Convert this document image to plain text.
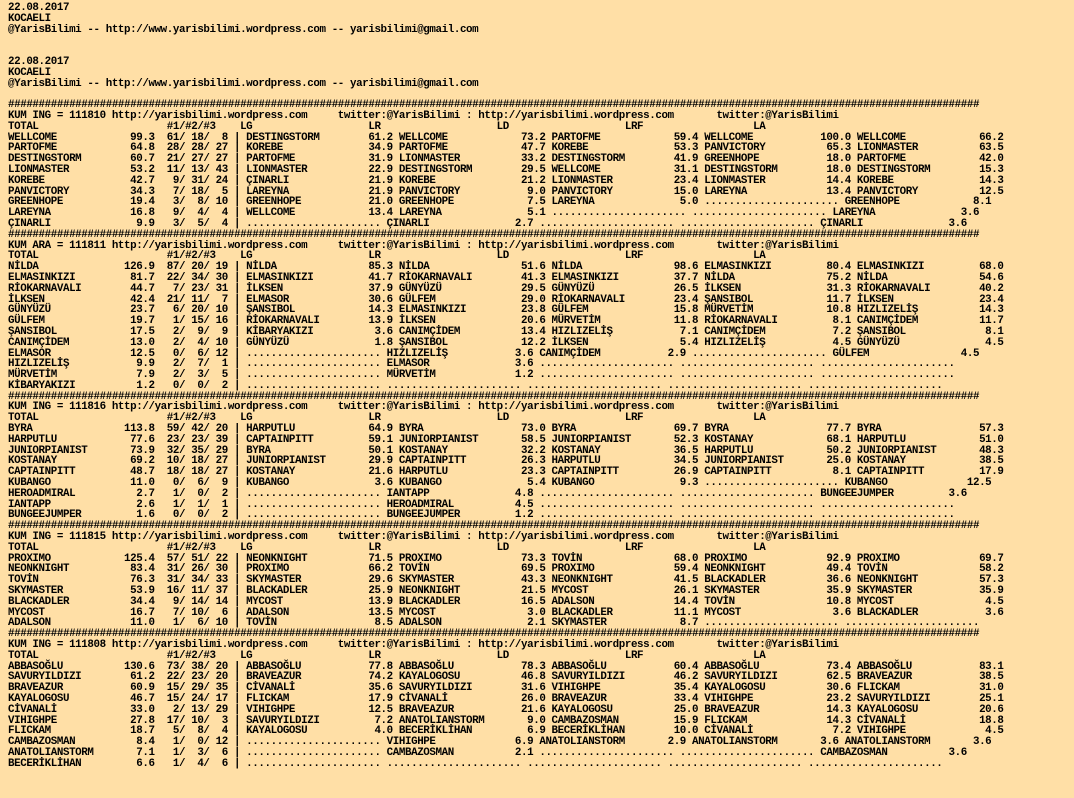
22.08.2017
KOCAELI
@YarisBilimi -- http://www.yarisbilimi.wordpress.com -- yarisbilimi@gmail.com
22.08.2017
KOCAELI
@YarisBilimi -- http://www.yarisbilimi.wordpress.com -- yarisbilimi@gmail.com
###############################################################################################################################################################
KUM ING = 111810 http://yarisbilimi.wordpress.com     twitter:@YarisBilimi : http://yarisbilimi.wordpress.com       twitter:@YarisBilimi
TOTAL                     #1/#2/#3    LG                   LR                   LD                   LRF                  LA
WELLCOME            99.3  61/ 18/  8 | DESTINGSTORM        61.2 WELLCOME            73.2 PARTOFME            59.4 WELLCOME           100.0 WELLCOME            66.2
PARTOFME            64.8  28/ 28/ 27 | KOREBE              34.9 PARTOFME            47.7 KOREBE              53.3 PANVICTORY          65.3 LIONMASTER          63.5
DESTINGSTORM        60.7  21/ 27/ 27 | PARTOFME            31.9 LIONMASTER          33.2 DESTINGSTORM        41.9 GREENHOPE           18.0 PARTOFME            42.0
LIONMASTER          53.2  11/ 13/ 43 | LIONMASTER          22.9 DESTINGSTORM        29.5 WELLCOME            31.1 DESTINGSTORM        18.0 DESTINGSTORM        15.3
KOREBE              42.7   9/ 31/ 24 | ÇINARLI             21.9 KOREBE              21.2 LIONMASTER          23.4 LIONMASTER          14.4 KOREBE              14.3
PANVICTORY          34.3   7/ 18/  5 | LAREYNA             21.9 PANVICTORY           9.0 PANVICTORY          15.0 LAREYNA             13.4 PANVICTORY          12.5
GREENHOPE           19.4   3/  8/ 10 | GREENHOPE           21.0 GREENHOPE            7.5 LAREYNA              5.0 ...................... GREENHOPE            8.1
LAREYNA             16.8   9/  4/  4 | WELLCOME            13.4 LAREYNA              5.1 ...................... ...................... LAREYNA              3.6
ÇINARLI              9.9   3/  5/  4 | ...................... ÇINARLI              2.7 ...................... ...................... ÇINARLI              3.6
###############################################################################################################################################################
KUM ARA = 111811 http://yarisbilimi.wordpress.com     twitter:@YarisBilimi : http://yarisbilimi.wordpress.com       twitter:@YarisBilimi
TOTAL                     #1/#2/#3    LG                   LR                   LD                   LRF                  LA
NİLDA              126.9  87/ 20/ 19 | NİLDA               85.3 NİLDA               51.6 NİLDA               98.6 ELMASINKIZI         80.4 ELMASINKIZI         68.0
ELMASINKIZI         81.7  22/ 34/ 30 | ELMASINKIZI         41.7 RİOKARNAVALI        41.3 ELMASINKIZI         37.7 NİLDA               75.2 NİLDA               54.6
RİOKARNAVALI        44.7   7/ 23/ 31 | İLKSEN              37.9 GÜNYÜZÜ             29.5 GÜNYÜZÜ             26.5 İLKSEN              31.3 RİOKARNAVALI        40.2
İLKSEN              42.4  21/ 11/  7 | ELMASOR             30.6 GÜLFEM              29.0 RİOKARNAVALI        23.4 ŞANSIBOL            11.7 İLKSEN              23.4
GÜNYÜZÜ             23.7   6/ 20/ 10 | ŞANSIBOL            14.3 ELMASINKIZI         23.8 GÜLFEM              15.8 MÜRVETİM            10.8 HIZLIZELİŞ          14.3
GÜLFEM              19.7   1/ 15/ 16 | RİOKARNAVALI        13.9 İLKSEN              20.6 MÜRVETİM            11.8 RİOKARNAVALI         8.1 CANIMÇİDEM          11.7
ŞANSIBOL            17.5   2/  9/  9 | KİBARYAKIZI          3.6 CANIMÇİDEM          13.4 HIZLIZELİŞ           7.1 CANIMÇİDEM           7.2 ŞANSIBOL             8.1
CANIMÇİDEM          13.0   2/  4/ 10 | GÜNYÜZÜ              1.8 ŞANSIBOL            12.2 İLKSEN               5.4 HIZLIZELİŞ           4.5 GÜNYÜZÜ              4.5
ELMASOR             12.5   0/  6/ 12 | ...................... HIZLIZELİŞ           3.6 CANIMÇİDEM           2.9 ...................... GÜLFEM               4.5
HIZLIZELİŞ           9.9   2/  7/  1 | ...................... ELMASOR              3.6 ...................... ...................... ......................
MÜRVETİM             7.9   2/  3/  5 | ...................... MÜRVETİM             1.2 ...................... ...................... ......................
KİBARYAKIZI          1.2   0/  0/  2 | ...................... ...................... ...................... ...................... ......................
###############################################################################################################################################################
KUM ING = 111816 http://yarisbilimi.wordpress.com     twitter:@YarisBilimi : http://yarisbilimi.wordpress.com       twitter:@YarisBilimi
TOTAL                     #1/#2/#3    LG                   LR                   LD                   LRF                  LA
BYRA               113.8  59/ 42/ 20 | HARPUTLU            64.9 BYRA                73.0 BYRA                69.7 BYRA                77.7 BYRA                57.3
HARPUTLU            77.6  23/ 23/ 39 | CAPTAINPITT         59.1 JUNIORPIANIST       58.5 JUNIORPIANIST       52.3 KOSTANAY            68.1 HARPUTLU            51.0
JUNIORPIANIST       73.9  32/ 35/ 29 | BYRA                50.1 KOSTANAY            32.2 KOSTANAY            36.5 HARPUTLU            50.2 JUNIORPIANIST       48.3
KOSTANAY            69.2  10/ 18/ 27 | JUNIORPIANIST       29.9 CAPTAINPITT         26.3 HARPUTLU            34.5 JUNIORPIANIST       25.0 KOSTANAY            38.5
CAPTAINPITT         48.7  18/ 18/ 27 | KOSTANAY            21.6 HARPUTLU            23.3 CAPTAINPITT         26.9 CAPTAINPITT          8.1 CAPTAINPITT         17.9
KUBANGO             11.0   0/  6/  9 | KUBANGO              3.6 KUBANGO              5.4 KUBANGO              9.3 ...................... KUBANGO             12.5
HEROADMIRAL          2.7   1/  0/  2 | ...................... IANTAPP              4.8 ...................... ...................... BUNGEEJUMPER         3.6
IANTAPP              2.6   1/  1/  1 | ...................... HEROADMIRAL          4.5 ...................... ...................... ......................
BUNGEEJUMPER         1.6   0/  0/  2 | ...................... BUNGEEJUMPER         1.2 ...................... ...................... ......................
###############################################################################################################################################################
KUM ING = 111815 http://yarisbilimi.wordpress.com     twitter:@YarisBilimi : http://yarisbilimi.wordpress.com       twitter:@YarisBilimi
TOTAL                     #1/#2/#3    LG                   LR                   LD                   LRF                  LA
PROXIMO            125.4  57/ 51/ 22 | NEONKNIGHT          71.5 PROXIMO             73.3 TOVİN               68.0 PROXIMO             92.9 PROXIMO             69.7
NEONKNIGHT          83.4  31/ 26/ 30 | PROXIMO             66.2 TOVİN               69.5 PROXIMO             59.4 NEONKNIGHT          49.4 TOVİN               58.2
TOVİN               76.3  31/ 34/ 33 | SKYMASTER           29.6 SKYMASTER           43.3 NEONKNIGHT          41.5 BLACKADLER          36.6 NEONKNIGHT          57.3
SKYMASTER           53.9  16/ 11/ 37 | BLACKADLER          25.9 NEONKNIGHT          21.5 MYCOST              26.1 SKYMASTER           35.9 SKYMASTER           35.9
BLACKADLER          34.4   9/ 14/ 14 | MYCOST              13.9 BLACKADLER          16.5 ADALSON             14.4 TOVİN               10.8 MYCOST               4.5
MYCOST              16.7   7/ 10/  6 | ADALSON             13.5 MYCOST               3.0 BLACKADLER          11.1 MYCOST               3.6 BLACKADLER           3.6
ADALSON             11.0   1/  6/ 10 | TOVİN                8.5 ADALSON              2.1 SKYMASTER            8.7 ...................... ......................
###############################################################################################################################################################
KUM ING = 111808 http://yarisbilimi.wordpress.com     twitter:@YarisBilimi : http://yarisbilimi.wordpress.com       twitter:@YarisBilimi
TOTAL                     #1/#2/#3    LG                   LR                   LD                   LRF                  LA
ABBASOĞLU          130.6  73/ 38/ 20 | ABBASOĞLU           77.8 ABBASOĞLU           78.3 ABBASOĞLU           60.4 ABBASOĞLU           73.4 ABBASOĞLU           83.1
SAVURYILDIZI        61.2  22/ 23/ 20 | BRAVEAZUR           74.2 KAYALOGOSU          46.8 SAVURYILDIZI        46.2 SAVURYILDIZI        62.5 BRAVEAZUR           38.5
BRAVEAZUR           60.9  15/ 29/ 35 | CİVANALİ            35.6 SAVURYILDIZI        31.6 VIHIGHPE            35.4 KAYALOGOSU          30.6 FLICKAM             31.0
KAYALOGOSU          46.7  15/ 24/ 17 | FLICKAM             17.9 CİVANALİ            26.0 BRAVEAZUR           33.4 VIHIGHPE            23.2 SAVURYILDIZI        25.1
CİVANALİ            33.0   2/ 13/ 29 | VIHIGHPE            12.5 BRAVEAZUR           21.6 KAYALOGOSU          25.0 BRAVEAZUR           14.3 KAYALOGOSU          20.6
VIHIGHPE            27.8  17/ 10/  3 | SAVURYILDIZI         7.2 ANATOLIANSTORM       9.0 CAMBAZOSMAN         15.9 FLICKAM             14.3 CİVANALİ            18.8
FLICKAM             18.7   5/  8/  4 | KAYALOGOSU           4.0 BECERİKLİHAN         6.9 BECERİKLİHAN        10.0 CİVANALİ             7.2 VIHIGHPE             4.5
CAMBAZOSMAN          8.4   1/  0/ 12 | ...................... VIHIGHPE             6.9 ANATOLIANSTORM       2.9 ANATOLIANSTORM       3.6 ANATOLIANSTORM       3.6
ANATOLIANSTORM       7.1   1/  3/  6 | ...................... CAMBAZOSMAN          2.1 ...................... ...................... CAMBAZOSMAN          3.6
BECERİKLİHAN         6.6   1/  4/  6 | ...................... ...................... ...................... ...................... ......................
